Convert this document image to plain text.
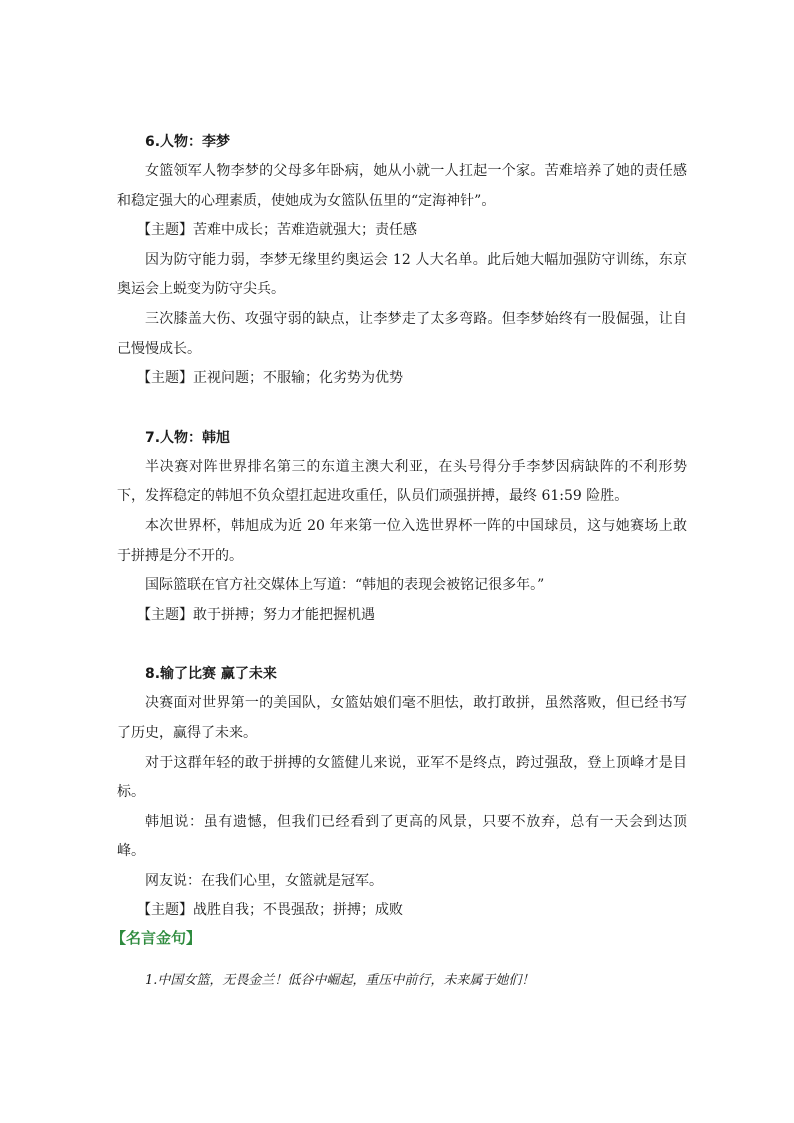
6.人物：李梦

女篮领军人物李梦的父母多年卧病，她从小就一人扛起一个家。苦难培养了她的责任感和稳定强大的心理素质，使她成为女篮队伍里的“定海神针”。

【主题】苦难中成长；苦难造就强大；责任感

因为防守能力弱，李梦无缘里约奥运会 12 人大名单。此后她大幅加强防守训练，东京奥运会上蜕变为防守尖兵。

三次膝盖大伤、攻强守弱的缺点，让李梦走了太多弯路。但李梦始终有一股倔强，让自己慢慢成长。

【主题】正视问题；不服输；化劣势为优势

7.人物：韩旭

半决赛对阵世界排名第三的东道主澳大利亚，在头号得分手李梦因病缺阵的不利形势下，发挥稳定的韩旭不负众望扛起进攻重任，队员们顽强拼搏，最终 61:59 险胜。

本次世界杯，韩旭成为近 20 年来第一位入选世界杯一阵的中国球员，这与她赛场上敢于拼搏是分不开的。

国际篮联在官方社交媒体上写道：“韩旭的表现会被铭记很多年。”

【主题】敢于拼搏；努力才能把握机遇

8.输了比赛 赢了未来

决赛面对世界第一的美国队，女篮姑娘们毫不胆怯，敢打敢拼，虽然落败，但已经书写了历史，赢得了未来。

对于这群年轻的敢于拼搏的女篮健儿来说，亚军不是终点，跨过强敌，登上顶峰才是目标。

韩旭说：虽有遗憾，但我们已经看到了更高的风景，只要不放弃，总有一天会到达顶峰。

网友说：在我们心里，女篮就是冠军。

【主题】战胜自我；不畏强敌；拼搏；成败

【名言金句】

1.中国女篮，无畏金兰！低谷中崛起，重压中前行，未来属于她们！
